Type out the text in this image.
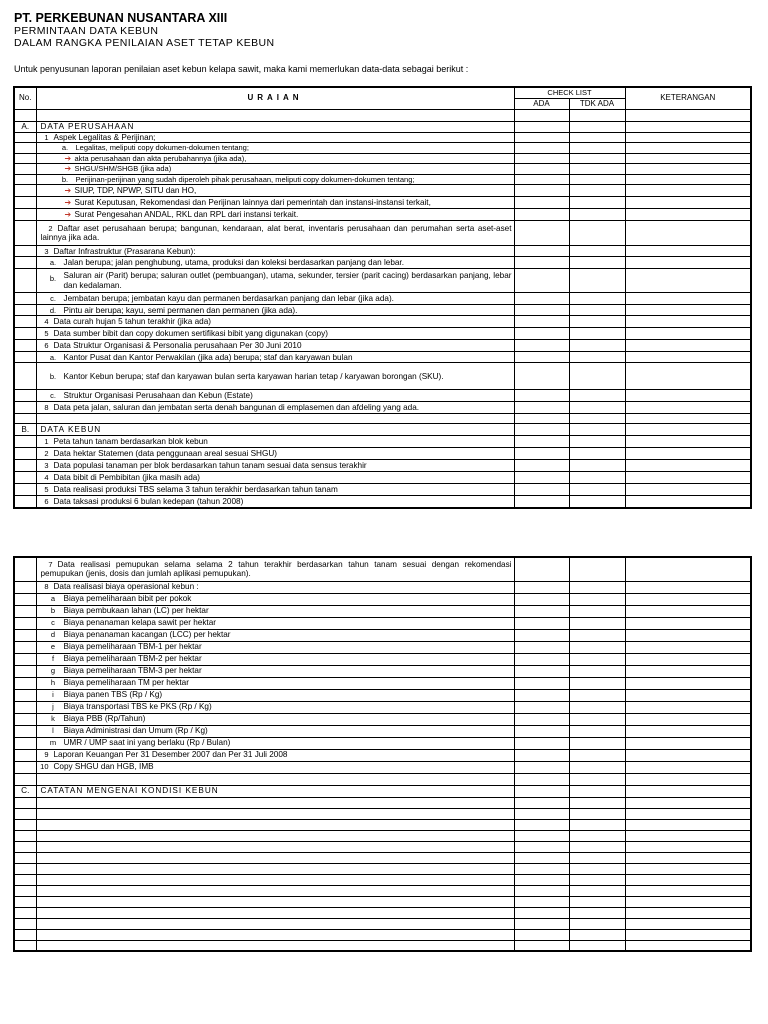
PT. PERKEBUNAN NUSANTARA XIII
PERMINTAAN DATA KEBUN
DALAM RANGKA PENILAIAN ASET TETAP KEBUN
Untuk penyusunan laporan penilaian aset kebun kelapa sawit, maka kami memerlukan data-data sebagai berikut :
No.	URAIAN	CHECK LIST		KETERANGAN
		ADA	TDK ADA	

A.	DATA PERUSAHAAN			
	1 Aspek Legalitas & Perijinan;			
	a. Legalitas, meliputi copy dokumen-dokumen tentang;			
	➔ akta perusahaan dan akta perubahannya (jika ada),			
	➔ SHGU/SHM/SHGB (jika ada)			
	b. Perijinan-perijinan yang sudah diperoleh pihak perusahaan, meliputi copy dokumen-dokumen tentang;			
	➔ SIUP, TDP, NPWP, SITU dan HO,			
	➔ Surat Keputusan, Rekomendasi dan Perijinan lainnya dari pemerintah dan instansi-instansi terkait,			
	➔ Surat Pengesahan ANDAL, RKL dan RPL dari instansi terkait.			
	2 Daftar aset perusahaan berupa; bangunan, kendaraan, alat berat, inventaris perusahaan dan perumahan serta aset-aset lainnya jika ada.			
	3 Daftar Infrastruktur (Prasarana Kebun):			
	a. Jalan berupa; jalan penghubung, utama, produksi dan koleksi berdasarkan panjang dan lebar.			

	b. Saluran air (Parit) berupa; saluran outlet (pembuangan), utama, sekunder, tersier (parit cacing) berdasarkan panjang, lebar dan kedalaman.			

	c. Jembatan berupa; jembatan kayu dan permanen berdasarkan panjang dan lebar (jika ada).			
	d. Pintu air berupa; kayu, semi permanen dan permanen (jika ada).			
	4 Data curah hujan 5 tahun terakhir (jika ada)			
	5 Data sumber bibit dan copy dokumen sertifikasi bibit yang digunakan (copy)			
	6 Data Struktur Organisasi & Personalia perusahaan Per 30 Juni 2010			
	a. Kantor Pusat dan Kantor Perwakilan (jika ada) berupa; staf dan karyawan bulan			
	b. Kantor Kebun berupa; staf dan karyawan bulan serta karyawan harian tetap / karyawan borongan (SKU).			
	c. Struktur Organisasi Perusahaan dan Kebun (Estate)			
	8 Data peta jalan, saluran dan jembatan serta denah bangunan di emplasemen dan afdeling yang ada.			

B.	DATA KEBUN			
	1 Peta tahun tanam berdasarkan blok kebun			
	2 Data hektar Statemen (data penggunaan areal sesuai SHGU)			
	3 Data populasi tanaman per blok berdasarkan tahun tanam sesuai data sensus terakhir			
	4 Data bibit di Pembibitan (jika masih ada)			
	5 Data realisasi produksi TBS selama 3 tahun terakhir berdasarkan tahun tanam			
	6 Data taksasi produksi 6 bulan kedepan (tahun 2008)			
	7 Data realisasi pemupukan selama selama 2 tahun terakhir berdasarkan tahun tanam sesuai dengan rekomendasi pemupukan (jenis, dosis dan jumlah aplikasi pemupukan).			
	8 Data realisasi biaya operasional kebun :			
	a Biaya pemeliharaan bibit per pokok			
	b Biaya pembukaan lahan (LC) per hektar			
	c Biaya penanaman kelapa sawit per hektar			
	d Biaya penanaman kacangan (LCC) per hektar			
	e Biaya pemeliharaan TBM-1 per hektar			
	f Biaya pemeliharaan TBM-2 per hektar			
	g Biaya pemeliharaan TBM-3 per hektar			
	h Biaya pemeliharaan TM per hektar			
	i Biaya panen TBS (Rp / Kg)			
	j Biaya transportasi TBS ke PKS (Rp / Kg)			
	k Biaya PBB (Rp/Tahun)			
	l Biaya Administrasi dan Umum (Rp / Kg)			
	m UMR / UMP saat ini yang berlaku (Rp / Bulan)			
	9 Laporan Keuangan Per 31 Desember 2007 dan Per 31 Juli 2008			
	10 Copy SHGU dan HGB, IMB			

C.	CATATAN MENGENAI KONDISI KEBUN			
